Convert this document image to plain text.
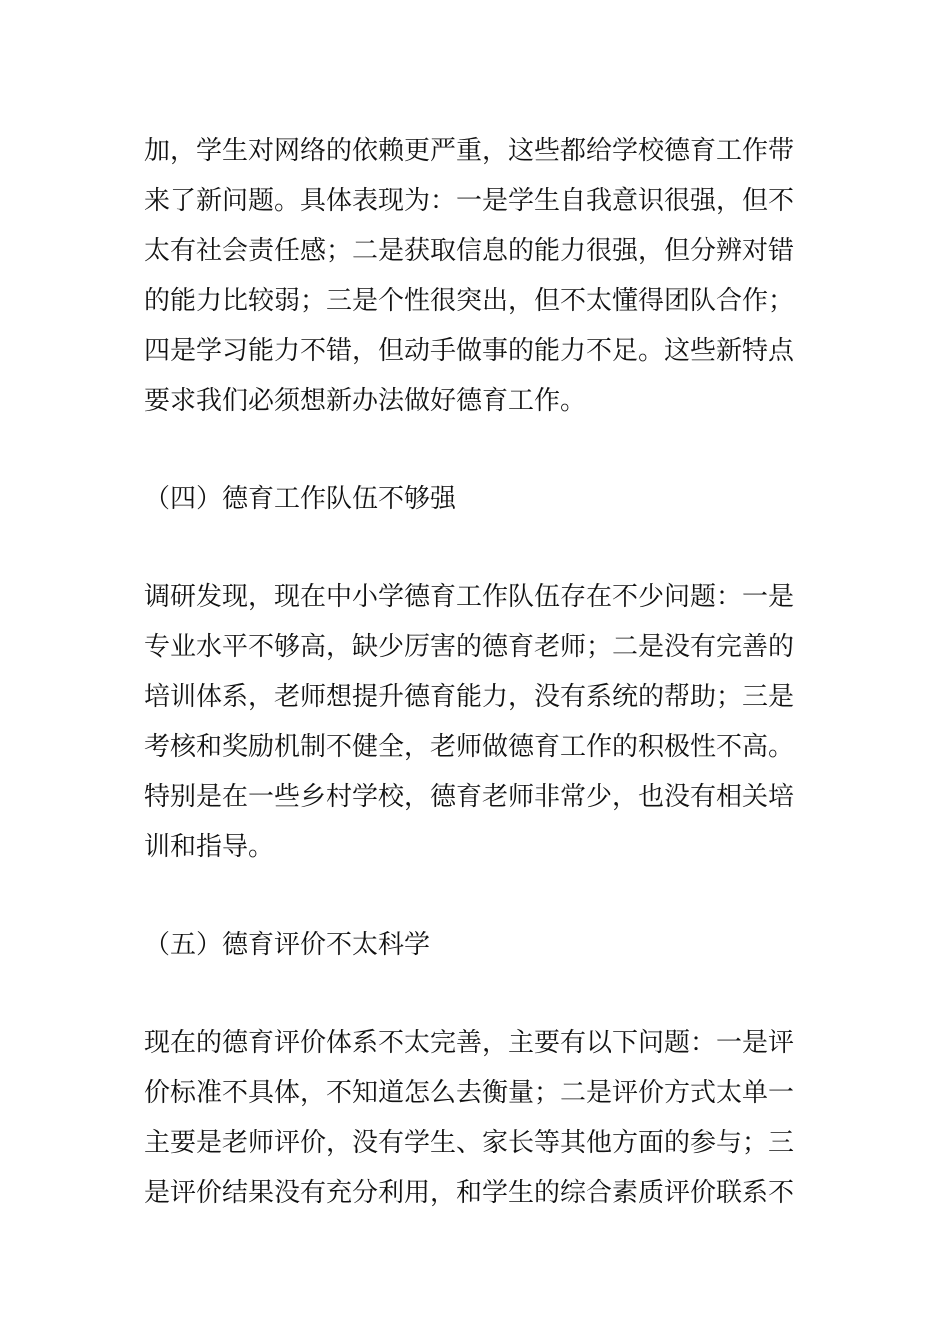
加，学生对网络的依赖更严重，这些都给学校德育工作带
来了新问题。具体表现为：一是学生自我意识很强，但不
太有社会责任感；二是获取信息的能力很强，但分辨对错
的能力比较弱；三是个性很突出，但不太懂得团队合作；
四是学习能力不错，但动手做事的能力不足。这些新特点
要求我们必须想新办法做好德育工作。
（四）德育工作队伍不够强
调研发现，现在中小学德育工作队伍存在不少问题：一是
专业水平不够高，缺少厉害的德育老师；二是没有完善的
培训体系，老师想提升德育能力，没有系统的帮助；三是
考核和奖励机制不健全，老师做德育工作的积极性不高。
特别是在一些乡村学校，德育老师非常少，也没有相关培
训和指导。
（五）德育评价不太科学
现在的德育评价体系不太完善，主要有以下问题：一是评
价标准不具体，不知道怎么去衡量；二是评价方式太单一
主要是老师评价，没有学生、家长等其他方面的参与；三
是评价结果没有充分利用，和学生的综合素质评价联系不
